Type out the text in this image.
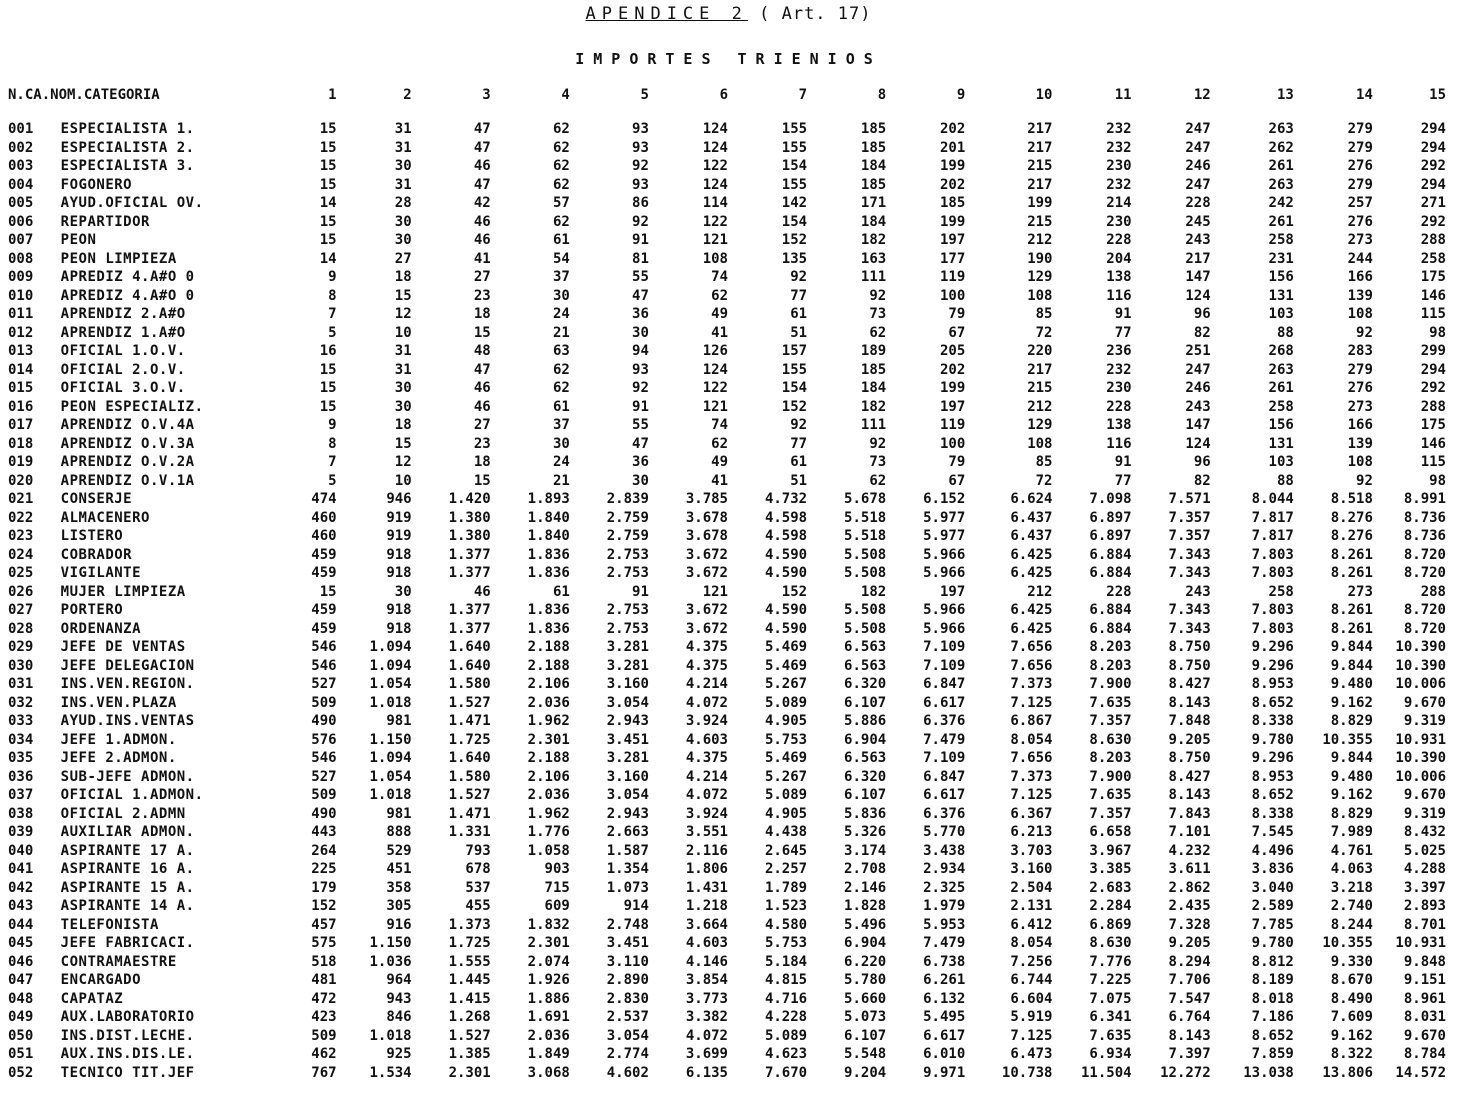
APENDICE 2 ( Art. 17)
IMPORTES TRIENIOS
N.CA.NOM.CATEGORIA		1	2	3	4	5	6	7	8	9	10	11	12	13	14	15

001	ESPECIALISTA 1.	15	31	47	62	93	124	155	185	202	217	232	247	263	279	294
002	ESPECIALISTA 2.	15	31	47	62	93	124	155	185	201	217	232	247	262	279	294
003	ESPECIALISTA 3.	15	30	46	62	92	122	154	184	199	215	230	246	261	276	292
004	FOGONERO	15	31	47	62	93	124	155	185	202	217	232	247	263	279	294
005	AYUD.OFICIAL OV.	14	28	42	57	86	114	142	171	185	199	214	228	242	257	271
006	REPARTIDOR	15	30	46	62	92	122	154	184	199	215	230	245	261	276	292
007	PEON	15	30	46	61	91	121	152	182	197	212	228	243	258	273	288
008	PEON LIMPIEZA	14	27	41	54	81	108	135	163	177	190	204	217	231	244	258
009	APREDIZ 4.A#O 0	9	18	27	37	55	74	92	111	119	129	138	147	156	166	175
010	APREDIZ 4.A#O 0	8	15	23	30	47	62	77	92	100	108	116	124	131	139	146
011	APRENDIZ 2.A#O	7	12	18	24	36	49	61	73	79	85	91	96	103	108	115
012	APRENDIZ 1.A#O	5	10	15	21	30	41	51	62	67	72	77	82	88	92	98
013	OFICIAL 1.O.V.	16	31	48	63	94	126	157	189	205	220	236	251	268	283	299
014	OFICIAL 2.O.V.	15	31	47	62	93	124	155	185	202	217	232	247	263	279	294
015	OFICIAL 3.O.V.	15	30	46	62	92	122	154	184	199	215	230	246	261	276	292
016	PEON ESPECIALIZ.	15	30	46	61	91	121	152	182	197	212	228	243	258	273	288
017	APRENDIZ O.V.4A	9	18	27	37	55	74	92	111	119	129	138	147	156	166	175
018	APRENDIZ O.V.3A	8	15	23	30	47	62	77	92	100	108	116	124	131	139	146
019	APRENDIZ O.V.2A	7	12	18	24	36	49	61	73	79	85	91	96	103	108	115
020	APRENDIZ O.V.1A	5	10	15	21	30	41	51	62	67	72	77	82	88	92	98
021	CONSERJE	474	946	1.420	1.893	2.839	3.785	4.732	5.678	6.152	6.624	7.098	7.571	8.044	8.518	8.991
022	ALMACENERO	460	919	1.380	1.840	2.759	3.678	4.598	5.518	5.977	6.437	6.897	7.357	7.817	8.276	8.736
023	LISTERO	460	919	1.380	1.840	2.759	3.678	4.598	5.518	5.977	6.437	6.897	7.357	7.817	8.276	8.736
024	COBRADOR	459	918	1.377	1.836	2.753	3.672	4.590	5.508	5.966	6.425	6.884	7.343	7.803	8.261	8.720
025	VIGILANTE	459	918	1.377	1.836	2.753	3.672	4.590	5.508	5.966	6.425	6.884	7.343	7.803	8.261	8.720
026	MUJER LIMPIEZA	15	30	46	61	91	121	152	182	197	212	228	243	258	273	288
027	PORTERO	459	918	1.377	1.836	2.753	3.672	4.590	5.508	5.966	6.425	6.884	7.343	7.803	8.261	8.720
028	ORDENANZA	459	918	1.377	1.836	2.753	3.672	4.590	5.508	5.966	6.425	6.884	7.343	7.803	8.261	8.720
029	JEFE DE VENTAS	546	1.094	1.640	2.188	3.281	4.375	5.469	6.563	7.109	7.656	8.203	8.750	9.296	9.844	10.390
030	JEFE DELEGACION	546	1.094	1.640	2.188	3.281	4.375	5.469	6.563	7.109	7.656	8.203	8.750	9.296	9.844	10.390
031	INS.VEN.REGION.	527	1.054	1.580	2.106	3.160	4.214	5.267	6.320	6.847	7.373	7.900	8.427	8.953	9.480	10.006
032	INS.VEN.PLAZA	509	1.018	1.527	2.036	3.054	4.072	5.089	6.107	6.617	7.125	7.635	8.143	8.652	9.162	9.670
033	AYUD.INS.VENTAS	490	981	1.471	1.962	2.943	3.924	4.905	5.886	6.376	6.867	7.357	7.848	8.338	8.829	9.319
034	JEFE 1.ADMON.	576	1.150	1.725	2.301	3.451	4.603	5.753	6.904	7.479	8.054	8.630	9.205	9.780	10.355	10.931
035	JEFE 2.ADMON.	546	1.094	1.640	2.188	3.281	4.375	5.469	6.563	7.109	7.656	8.203	8.750	9.296	9.844	10.390
036	SUB-JEFE ADMON.	527	1.054	1.580	2.106	3.160	4.214	5.267	6.320	6.847	7.373	7.900	8.427	8.953	9.480	10.006
037	OFICIAL 1.ADMON.	509	1.018	1.527	2.036	3.054	4.072	5.089	6.107	6.617	7.125	7.635	8.143	8.652	9.162	9.670
038	OFICIAL 2.ADMN	490	981	1.471	1.962	2.943	3.924	4.905	5.836	6.376	6.367	7.357	7.843	8.338	8.829	9.319
039	AUXILIAR ADMON.	443	888	1.331	1.776	2.663	3.551	4.438	5.326	5.770	6.213	6.658	7.101	7.545	7.989	8.432
040	ASPIRANTE 17 A.	264	529	793	1.058	1.587	2.116	2.645	3.174	3.438	3.703	3.967	4.232	4.496	4.761	5.025
041	ASPIRANTE 16 A.	225	451	678	903	1.354	1.806	2.257	2.708	2.934	3.160	3.385	3.611	3.836	4.063	4.288
042	ASPIRANTE 15 A.	179	358	537	715	1.073	1.431	1.789	2.146	2.325	2.504	2.683	2.862	3.040	3.218	3.397
043	ASPIRANTE 14 A.	152	305	455	609	914	1.218	1.523	1.828	1.979	2.131	2.284	2.435	2.589	2.740	2.893
044	TELEFONISTA	457	916	1.373	1.832	2.748	3.664	4.580	5.496	5.953	6.412	6.869	7.328	7.785	8.244	8.701
045	JEFE FABRICACI.	575	1.150	1.725	2.301	3.451	4.603	5.753	6.904	7.479	8.054	8.630	9.205	9.780	10.355	10.931
046	CONTRAMAESTRE	518	1.036	1.555	2.074	3.110	4.146	5.184	6.220	6.738	7.256	7.776	8.294	8.812	9.330	9.848
047	ENCARGADO	481	964	1.445	1.926	2.890	3.854	4.815	5.780	6.261	6.744	7.225	7.706	8.189	8.670	9.151
048	CAPATAZ	472	943	1.415	1.886	2.830	3.773	4.716	5.660	6.132	6.604	7.075	7.547	8.018	8.490	8.961
049	AUX.LABORATORIO	423	846	1.268	1.691	2.537	3.382	4.228	5.073	5.495	5.919	6.341	6.764	7.186	7.609	8.031
050	INS.DIST.LECHE.	509	1.018	1.527	2.036	3.054	4.072	5.089	6.107	6.617	7.125	7.635	8.143	8.652	9.162	9.670
051	AUX.INS.DIS.LE.	462	925	1.385	1.849	2.774	3.699	4.623	5.548	6.010	6.473	6.934	7.397	7.859	8.322	8.784
052	TECNICO TIT.JEF	767	1.534	2.301	3.068	4.602	6.135	7.670	9.204	9.971	10.738	11.504	12.272	13.038	13.806	14.572
